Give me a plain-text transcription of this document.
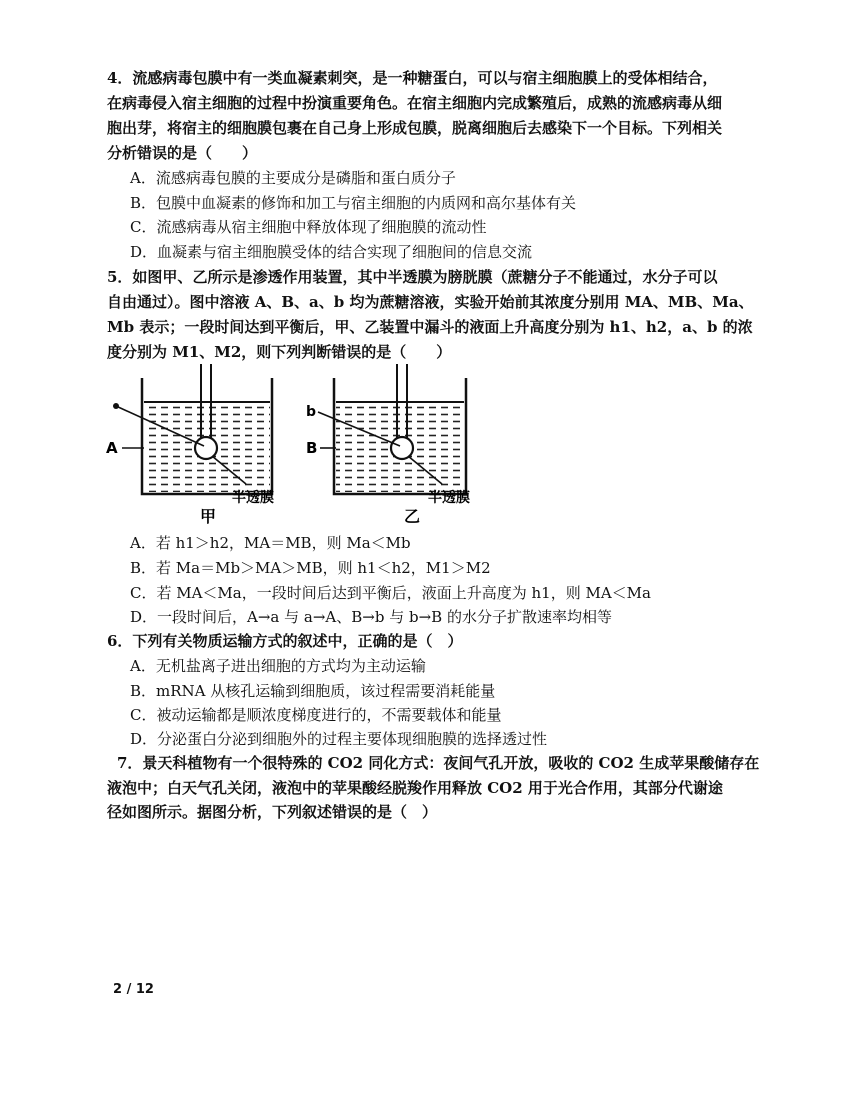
4．流感病毒包膜中有一类血凝素刺突，是一种糖蛋白，可以与宿主细胞膜上的受体相结合，
在病毒侵入宿主细胞的过程中扮演重要角色。在宿主细胞内完成繁殖后，成熟的流感病毒从细
胞出芽，将宿主的细胞膜包裹在自己身上形成包膜，脱离细胞后去感染下一个目标。下列相关
分析错误的是（　　）
A．流感病毒包膜的主要成分是磷脂和蛋白质分子
B．包膜中血凝素的修饰和加工与宿主细胞的内质网和高尔基体有关
C．流感病毒从宿主细胞中释放体现了细胞膜的流动性
D．血凝素与宿主细胞膜受体的结合实现了细胞间的信息交流
5．如图甲、乙所示是渗透作用装置，其中半透膜为膀胱膜（蔗糖分子不能通过，水分子可以
自由通过）。图中溶液 A、B、a、b 均为蔗糖溶液，实验开始前其浓度分别用 MA、MB、Ma、
Mb 表示；一段时间达到平衡后，甲、乙装置中漏斗的液面上升高度分别为 h1、h2，a、b 的浓
度分别为 M1、M2，则下列判断错误的是（　　）
A
半透膜
甲
b
B
半透膜
乙
A．若 h1＞h2，MA＝MB，则 Ma＜Mb
B．若 Ma＝Mb＞MA＞MB，则 h1＜h2，M1＞M2
C．若 MA＜Ma，一段时间后达到平衡后，液面上升高度为 h1，则 MA＜Ma
D．一段时间后，A→a 与 a→A、B→b 与 b→B 的水分子扩散速率均相等
6．下列有关物质运输方式的叙述中，正确的是（　）
A．无机盐离子进出细胞的方式均为主动运输
B．mRNA 从核孔运输到细胞质，该过程需要消耗能量
C．被动运输都是顺浓度梯度进行的，不需要载体和能量
D．分泌蛋白分泌到细胞外的过程主要体现细胞膜的选择透过性
7．景天科植物有一个很特殊的 CO2 同化方式：夜间气孔开放，吸收的 CO2 生成苹果酸储存在
液泡中；白天气孔关闭，液泡中的苹果酸经脱羧作用释放 CO2 用于光合作用，其部分代谢途
径如图所示。据图分析，下列叙述错误的是（　）
2 / 12
